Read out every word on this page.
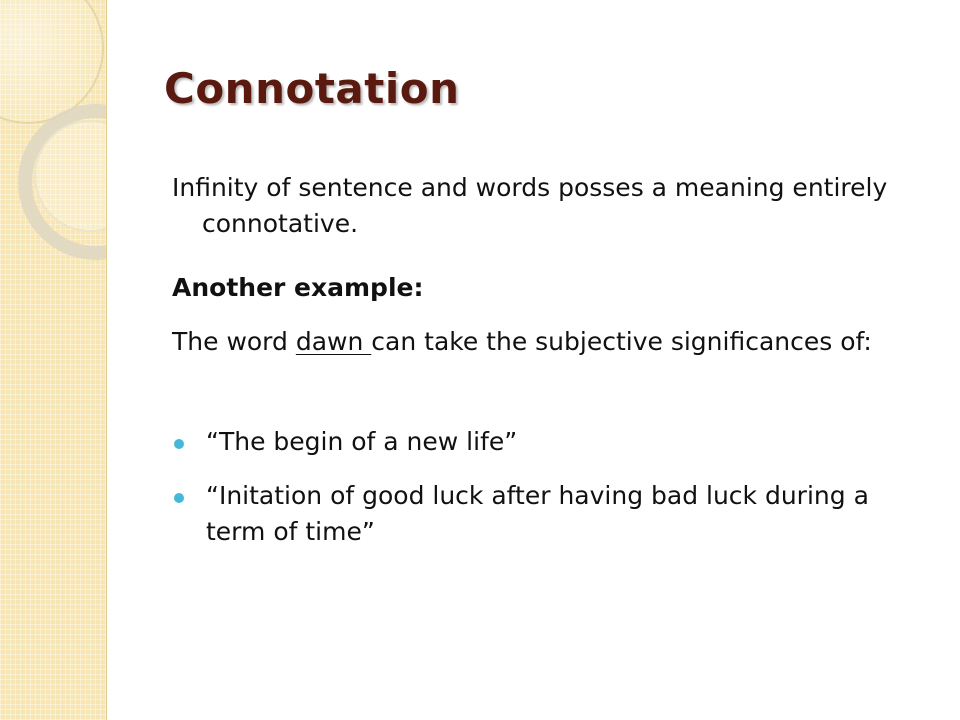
Connotation

Infinity of sentence and words posses a meaning entirely connotative.

Another example:

The word dawn can take the subjective significances of:

“The begin of a new life”
“Initation of good luck after having bad luck during a term of time”
